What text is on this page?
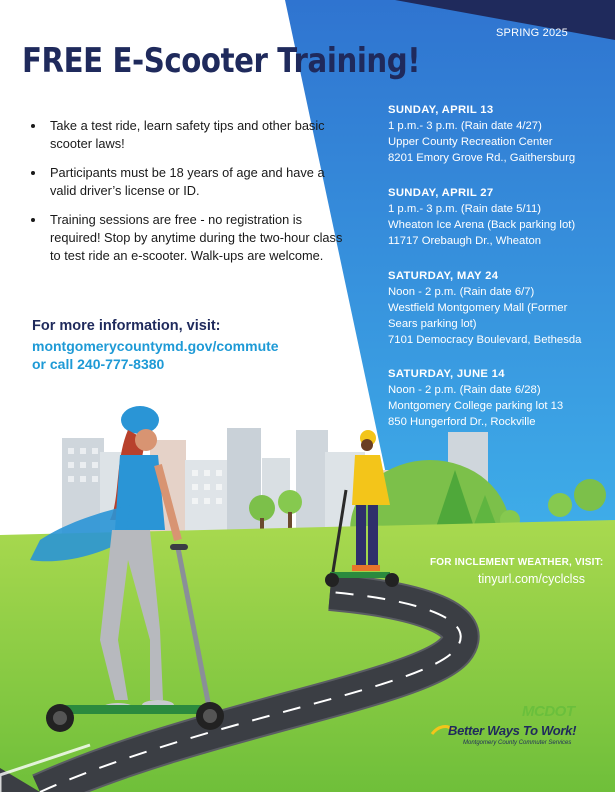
SPRING 2025
FREE E-Scooter Training!
• Take a test ride, learn safety tips and other basic scooter laws!
• Participants must be 18 years of age and have a valid driver’s license or ID.
• Training sessions are free - no registration is required! Stop by anytime during the two-hour class to test ride an e-scooter. Walk-ups are welcome.
For more information, visit:
montgomerycountymd.gov/commute
or call 240-777-8380
SUNDAY, APRIL 13
1 p.m.- 3 p.m. (Rain date 4/27)
Upper County Recreation Center
8201 Emory Grove Rd., Gaithersburg
SUNDAY, APRIL 27
1 p.m.- 3 p.m. (Rain date 5/11)
Wheaton Ice Arena (Back parking lot)
11717 Orebaugh Dr., Wheaton
SATURDAY, MAY 24
Noon - 2 p.m. (Rain date 6/7)
Westfield Montgomery Mall (Former
Sears parking lot)
7101 Democracy Boulevard, Bethesda
SATURDAY, JUNE 14
Noon - 2 p.m. (Rain date 6/28)
Montgomery College parking lot 13
850 Hungerford Dr., Rockville
FOR INCLEMENT WEATHER, VISIT:
tinyurl.com/cyclclss
MCDOT
Better Ways To Work!
Montgomery County Commuter Services
